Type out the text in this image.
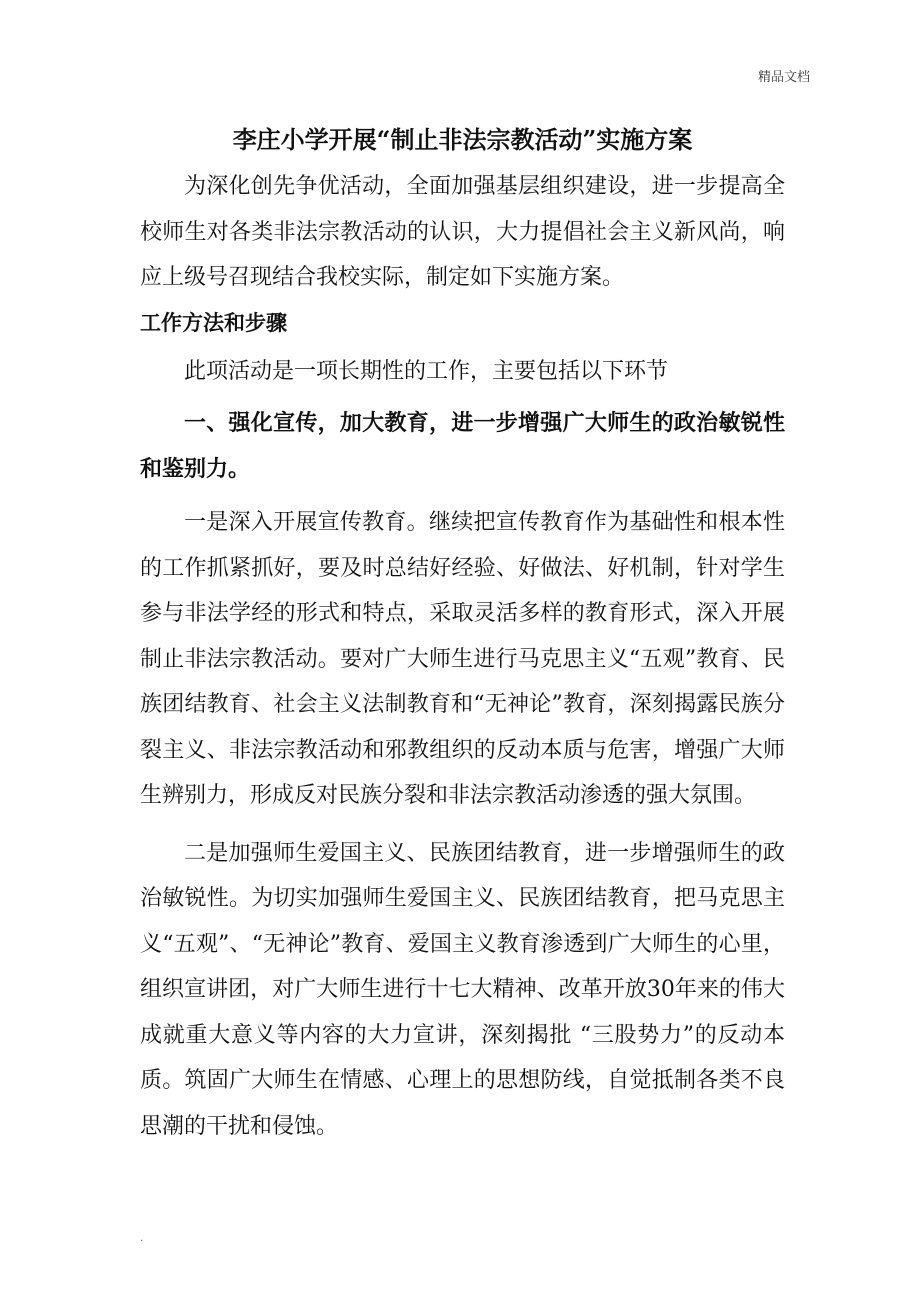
精品文档
李庄小学开展“制止非法宗教活动”实施方案

为深化创先争优活动，全面加强基层组织建设，进一步提高全校师生对各类非法宗教活动的认识，大力提倡社会主义新风尚，响应上级号召现结合我校实际，制定如下实施方案。

工作方法和步骤

此项活动是一项长期性的工作，主要包括以下环节

一、强化宣传，加大教育，进一步增强广大师生的政治敏锐性和鉴别力。

一是深入开展宣传教育。继续把宣传教育作为基础性和根本性的工作抓紧抓好，要及时总结好经验、好做法、好机制，针对学生参与非法学经的形式和特点，采取灵活多样的教育形式，深入开展制止非法宗教活动。要对广大师生进行马克思主义“五观”教育、民族团结教育、社会主义法制教育和“无神论”教育，深刻揭露民族分裂主义、非法宗教活动和邪教组织的反动本质与危害，增强广大师生辨别力，形成反对民族分裂和非法宗教活动渗透的强大氛围。

二是加强师生爱国主义、民族团结教育，进一步增强师生的政治敏锐性。为切实加强师生爱国主义、民族团结教育，把马克思主义“五观”、“无神论”教育、爱国主义教育渗透到广大师生的心里，组织宣讲团，对广大师生进行十七大精神、改革开放30年来的伟大成就重大意义等内容的大力宣讲，深刻揭批 “三股势力”的反动本质。筑固广大师生在情感、心理上的思想防线，自觉抵制各类不良思潮的干扰和侵蚀。

.
